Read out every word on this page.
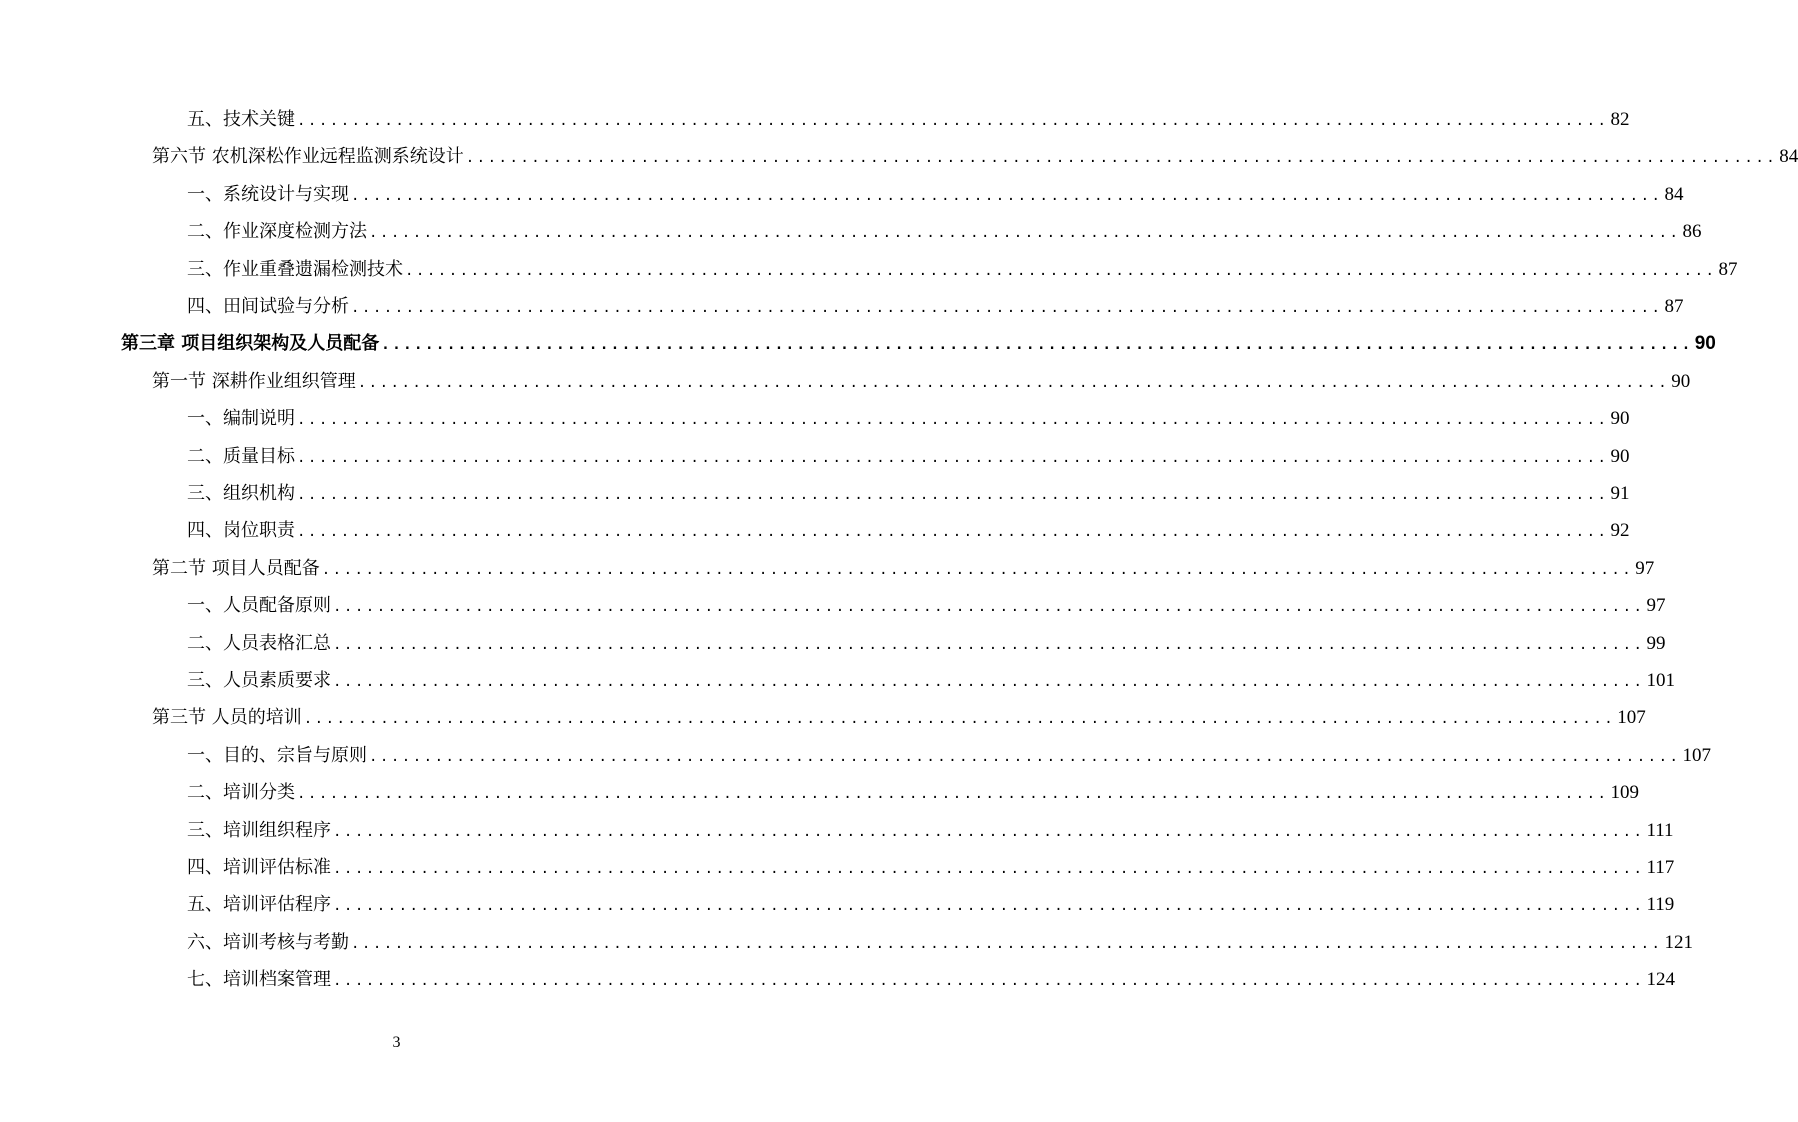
五、技术关键 ........................................................................................................................ 82
第六节 农机深松作业远程监测系统设计 ........................................................................................................................ 84
一、系统设计与实现 ........................................................................................................................ 84
二、作业深度检测方法 ........................................................................................................................ 86
三、作业重叠遗漏检测技术 ........................................................................................................................ 87
四、田间试验与分析 ........................................................................................................................ 87
第三章 项目组织架构及人员配备 ........................................................................................................................ 90
第一节 深耕作业组织管理 ........................................................................................................................ 90
一、编制说明 ........................................................................................................................ 90
二、质量目标 ........................................................................................................................ 90
三、组织机构 ........................................................................................................................ 91
四、岗位职责 ........................................................................................................................ 92
第二节 项目人员配备 ........................................................................................................................ 97
一、人员配备原则 ........................................................................................................................ 97
二、人员表格汇总 ........................................................................................................................ 99
三、人员素质要求 ........................................................................................................................ 101
第三节 人员的培训 ........................................................................................................................ 107
一、目的、宗旨与原则 ........................................................................................................................ 107
二、培训分类 ........................................................................................................................ 109
三、培训组织程序 ........................................................................................................................ 111
四、培训评估标准 ........................................................................................................................ 117
五、培训评估程序 ........................................................................................................................ 119
六、培训考核与考勤 ........................................................................................................................ 121
七、培训档案管理 ........................................................................................................................ 124
3
